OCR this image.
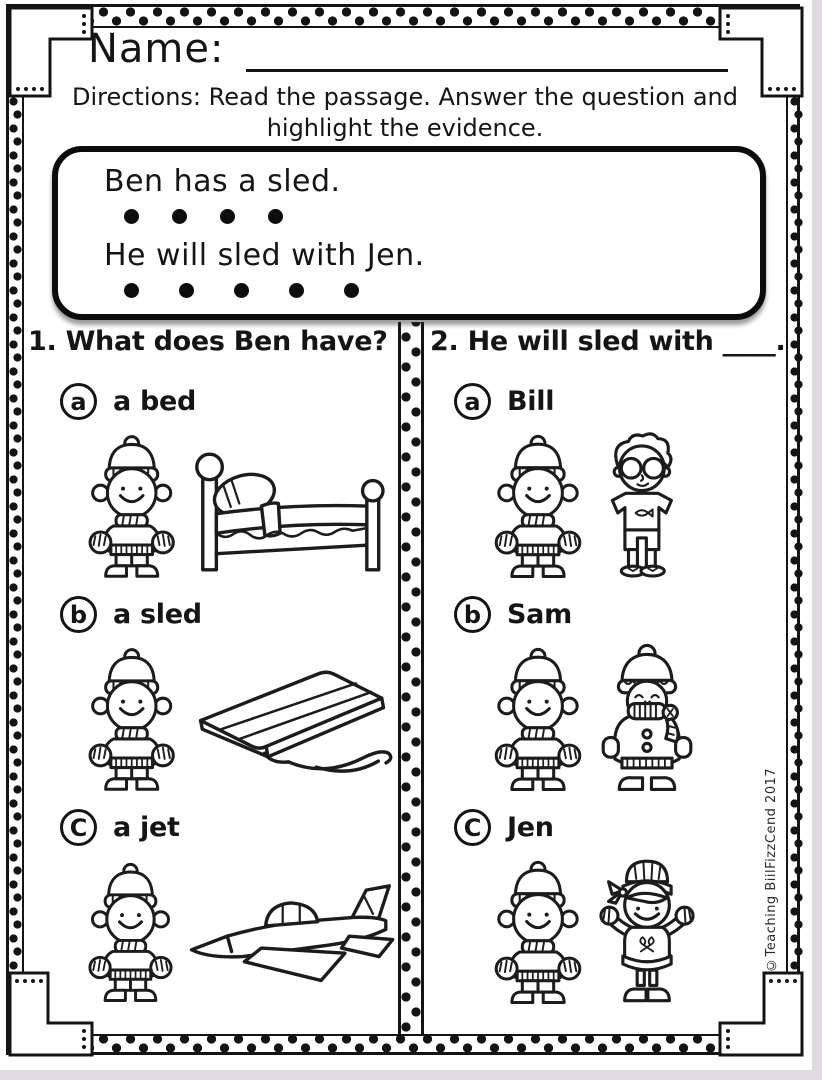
Name:
Directions: Read the passage. Answer the question and
highlight the evidence.
Ben has a sled.
He will sled with Jen.
1. What does Ben have?
a a bed
b a sled
C a jet
2. He will sled with ____.
a Bill
b Sam
C Jen	©Teaching BiilFizzCend 2017
